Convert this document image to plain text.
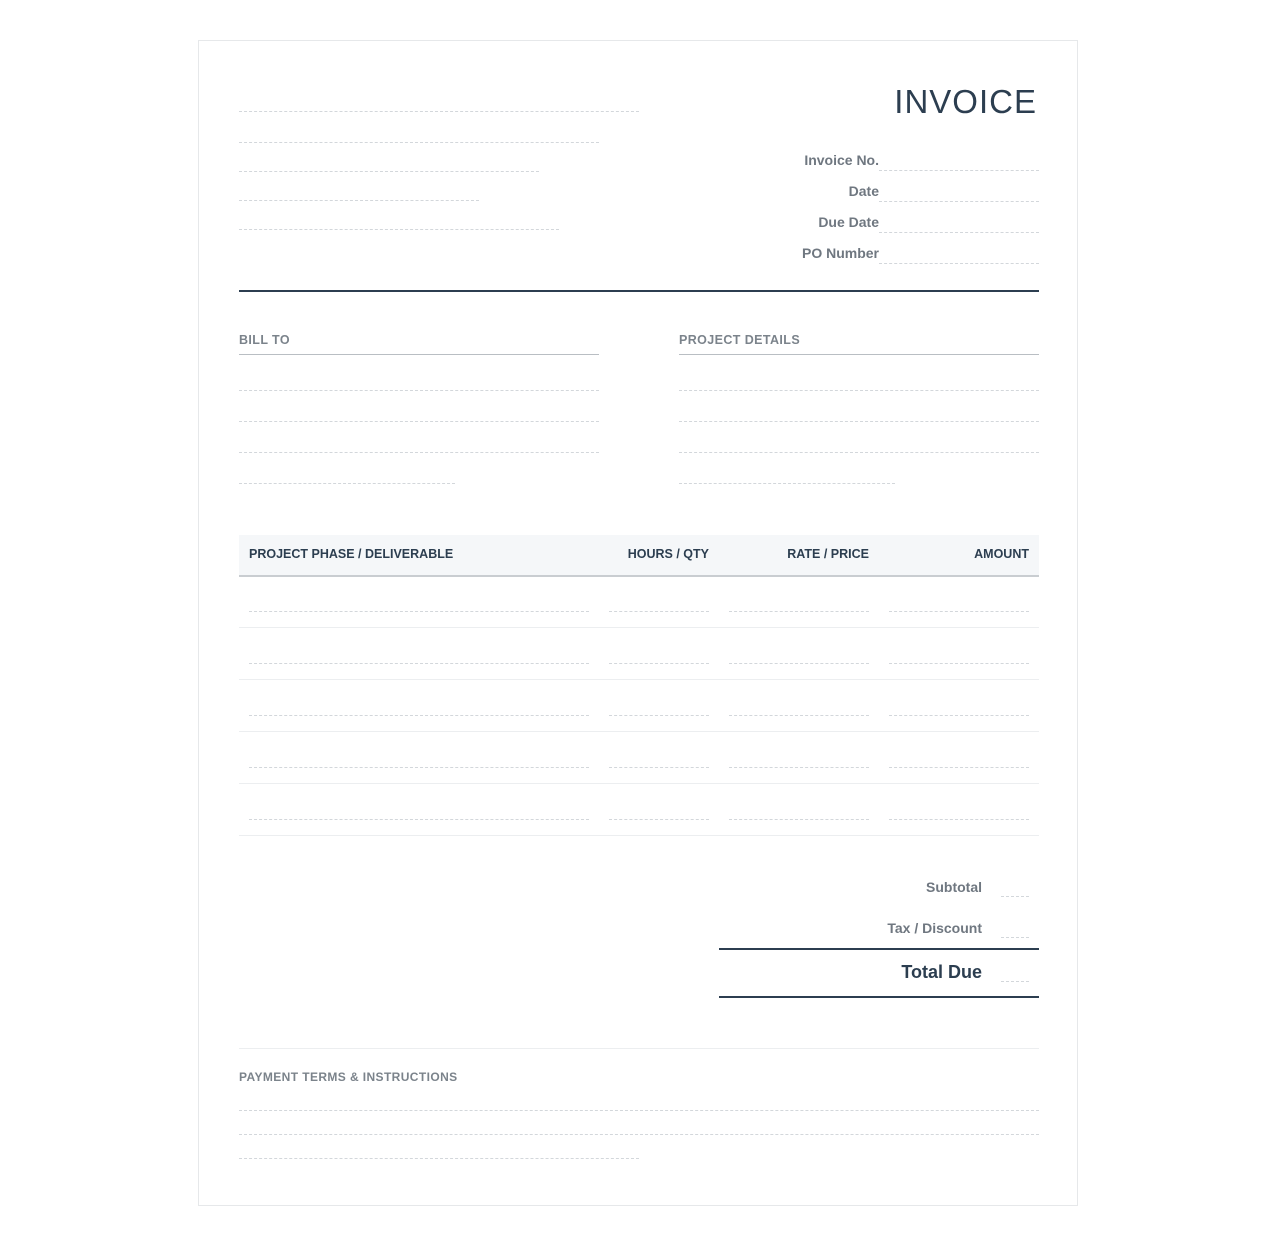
INVOICE
Invoice No.
Date
Due Date
PO Number
BILL TO	PROJECT DETAILS
PROJECT PHASE / DELIVERABLE	HOURS / QTY	RATE / PRICE	AMOUNT
Subtotal
Tax / Discount
Total Due
PAYMENT TERMS & INSTRUCTIONS
